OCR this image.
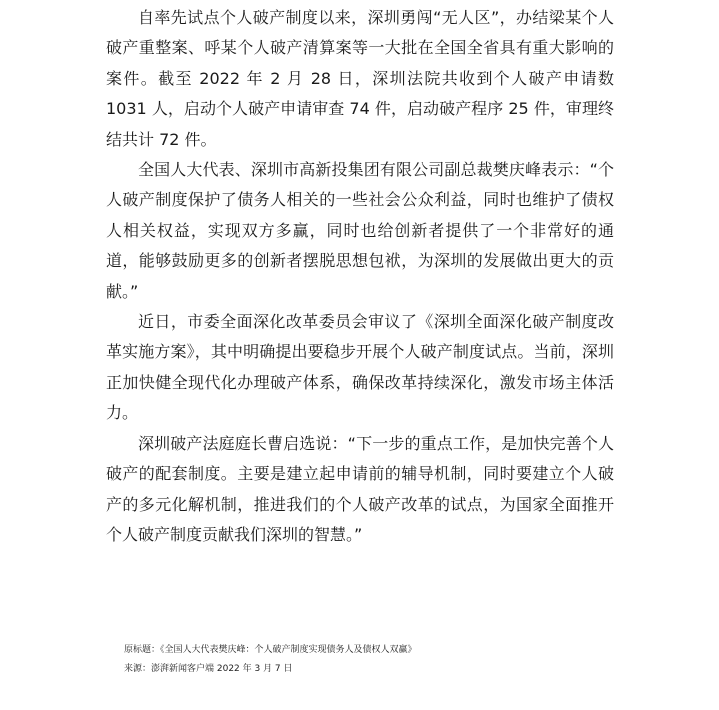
自率先试点个人破产制度以来，深圳勇闯“无人区”，办结梁某个人破产重整案、呼某个人破产清算案等一大批在全国全省具有重大影响的案件。截至 2022 年 2 月 28 日，深圳法院共收到个人破产申请数 1031 人，启动个人破产申请审查 74 件，启动破产程序 25 件，审理终结共计 72 件。

全国人大代表、深圳市高新投集团有限公司副总裁樊庆峰表示：“个人破产制度保护了债务人相关的一些社会公众利益，同时也维护了债权人相关权益，实现双方多赢，同时也给创新者提供了一个非常好的通道，能够鼓励更多的创新者摆脱思想包袱，为深圳的发展做出更大的贡献。”

近日，市委全面深化改革委员会审议了《深圳全面深化破产制度改革实施方案》，其中明确提出要稳步开展个人破产制度试点。当前，深圳正加快健全现代化办理破产体系，确保改革持续深化，激发市场主体活力。

深圳破产法庭庭长曹启选说：“下一步的重点工作，是加快完善个人破产的配套制度。主要是建立起申请前的辅导机制，同时要建立个人破产的多元化解机制，推进我们的个人破产改革的试点，为国家全面推开个人破产制度贡献我们深圳的智慧。”

原标题：《全国人大代表樊庆峰：个人破产制度实现债务人及债权人双赢》

来源：澎湃新闻客户端 2022 年 3 月 7 日
